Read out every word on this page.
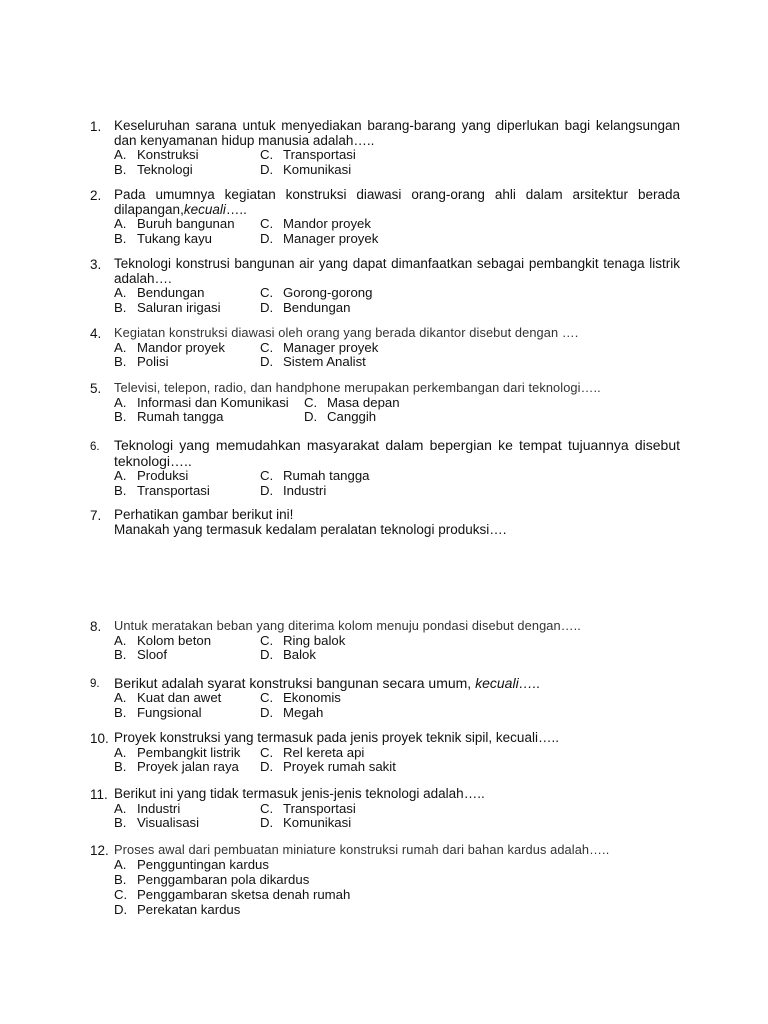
1. Keseluruhan sarana untuk menyediakan barang-barang yang diperlukan bagi kelangsungan dan kenyamanan hidup manusia adalah…..
A. Konstruksi	C. Transportasi
B. Teknologi	D. Komunikasi
2. Pada umumnya kegiatan konstruksi diawasi orang-orang ahli dalam arsitektur berada dilapangan,kecuali…..
A. Buruh bangunan C. Mandor proyek
B. Tukang kayu	D. Manager proyek
3. Teknologi konstrusi bangunan air yang dapat dimanfaatkan sebagai pembangkit tenaga listrik adalah….
A. Bendungan	C. Gorong-gorong
B. Saluran irigasi	D. Bendungan
4. Kegiatan konstruksi diawasi oleh orang yang berada dikantor disebut dengan ….
A. Mandor proyek	C. Manager proyek
B. Polisi	D. Sistem Analist
5. Televisi, telepon, radio, dan handphone merupakan perkembangan dari teknologi…..
A. Informasi dan Komunikasi C. Masa depan
B. Rumah tangga	D. Canggih
6. Teknologi yang memudahkan masyarakat dalam bepergian ke tempat tujuannya disebut teknologi…..
A. Produksi	C. Rumah tangga
B. Transportasi	D. Industri
7. Perhatikan gambar berikut ini!
Manakah yang termasuk kedalam peralatan teknologi produksi….
8. Untuk meratakan beban yang diterima kolom menuju pondasi disebut dengan…..
A. Kolom beton	C. Ring balok
B. Sloof	D. Balok
9. Berikut adalah syarat konstruksi bangunan secara umum, kecuali…..
A. Kuat dan awet	C. Ekonomis
B. Fungsional	D. Megah
10. Proyek konstruksi yang termasuk pada jenis proyek teknik sipil, kecuali…..
A. Pembangkit listrik C. Rel kereta api
B. Proyek jalan raya D. Proyek rumah sakit
11. Berikut ini yang tidak termasuk jenis-jenis teknologi adalah…..
A. Industri	C. Transportasi
B. Visualisasi	D. Komunikasi
12. Proses awal dari pembuatan miniature konstruksi rumah dari bahan kardus adalah…..
A. Pengguntingan kardus
B. Penggambaran pola dikardus
C. Penggambaran sketsa denah rumah
D. Perekatan kardus
